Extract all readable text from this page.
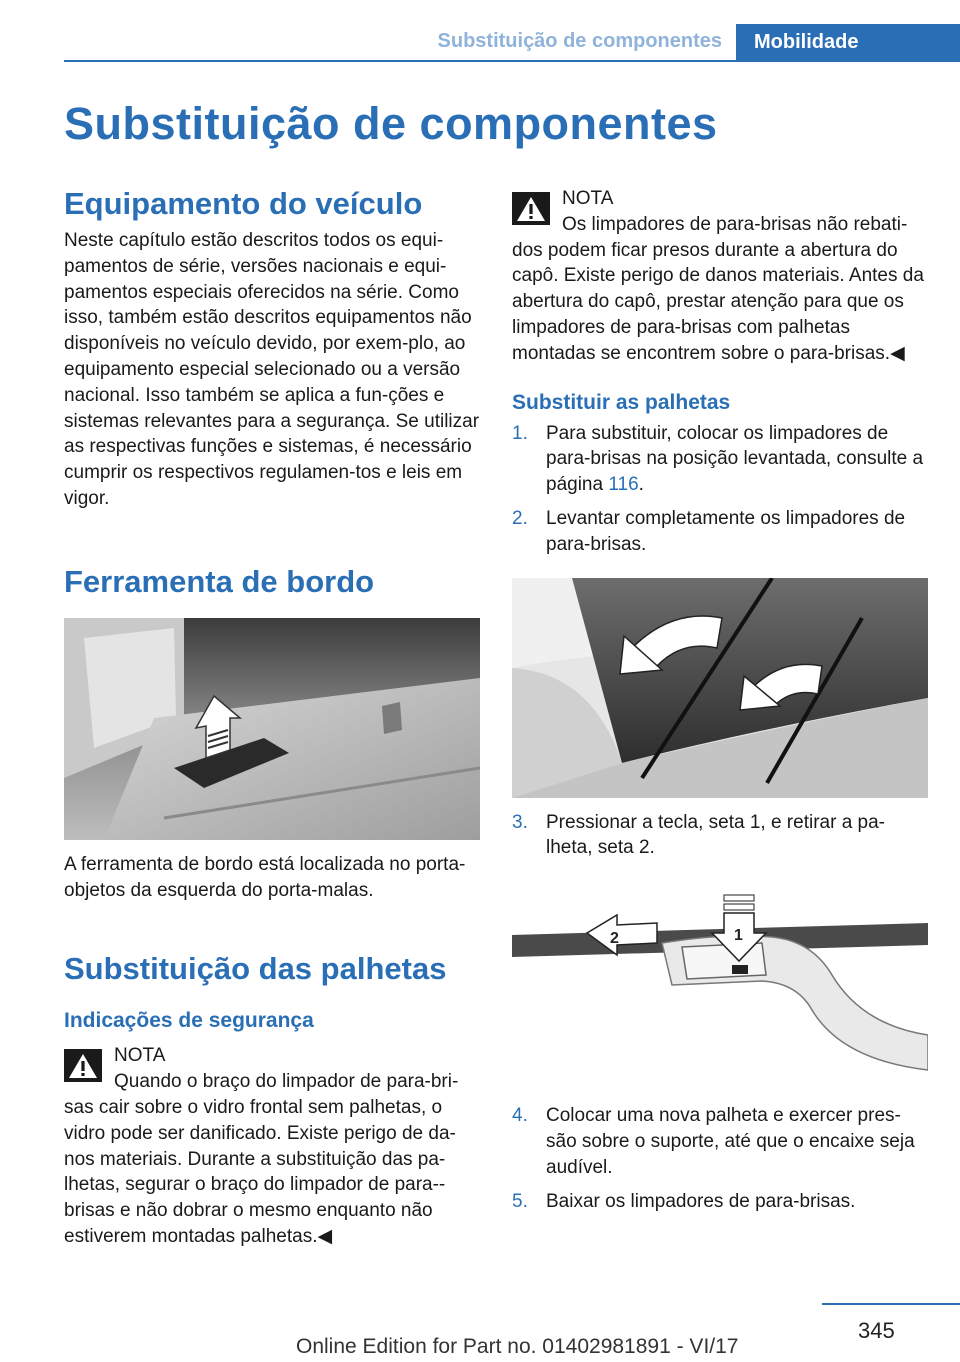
Substituição de componentes	Mobilidade
Substituição de componentes
Equipamento do veículo

Neste capítulo estão descritos todos os equi‐pamentos de série, versões nacionais e equi‐pamentos especiais oferecidos na série. Como isso, também estão descritos equipamentos não disponíveis no veículo devido, por exem‐plo, ao equipamento especial selecionado ou a versão nacional. Isso também se aplica a fun‐ções e sistemas relevantes para a segurança. Se utilizar as respectivas funções e sistemas, é necessário cumprir os respectivos regulamen‐tos e leis em vigor.

Ferramenta de bordo

A ferramenta de bordo está localizada no porta-objetos da esquerda do porta-malas.

Substituição das palhetas
Indicações de segurança
NOTA
Quando o braço do limpador de para-bri‐

sas cair sobre o vidro frontal sem palhetas, o vidro pode ser danificado. Existe perigo de da‐nos materiais. Durante a substituição das pa‐lhetas, segurar o braço do limpador de para-‐brisas e não dobrar o mesmo enquanto não estiverem montadas palhetas.◀

NOTA
Os limpadores de para-brisas não rebati‐

dos podem ficar presos durante a abertura do capô. Existe perigo de danos materiais. Antes da abertura do capô, prestar atenção para que os limpadores de para-brisas com palhetas montadas se encontrem sobre o para-brisas.◀

Substituir as palhetas
1. Para substituir, colocar os limpadores de para-brisas na posição levantada, consulte a página 116.
2. Levantar completamente os limpadores de para-brisas.
3. Pressionar a tecla, seta 1, e retirar a pa‐lheta, seta 2.
2	1
4. Colocar uma nova palheta e exercer pres‐são sobre o suporte, até que o encaixe seja audível.
5. Baixar os limpadores de para-brisas.
345
Online Edition for Part no. 01402981891 - VI/17
